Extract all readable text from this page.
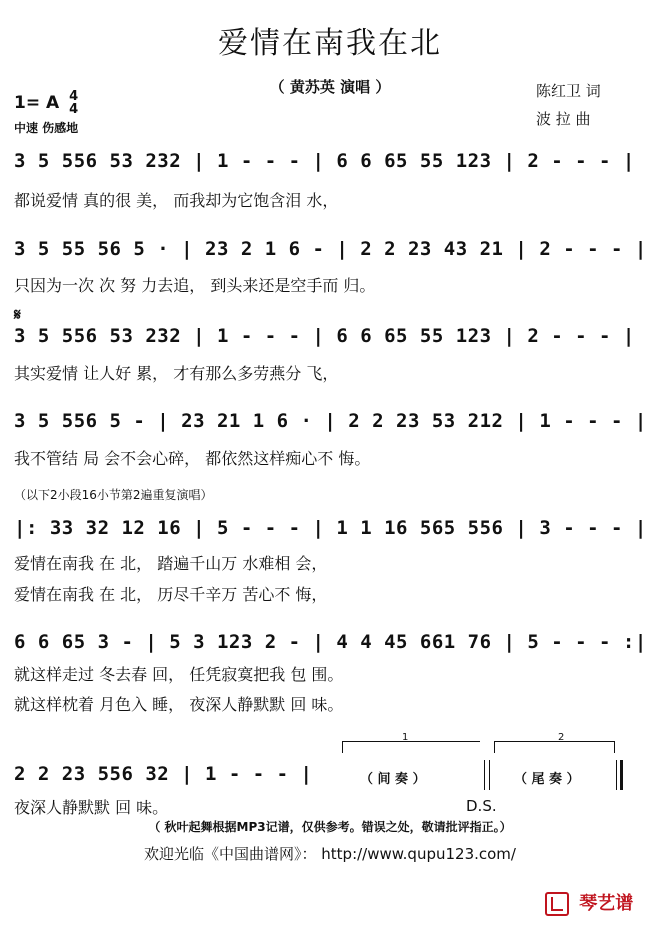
爱情在南我在北
（ 黄苏英 演唱 ）
1= A 4
4
中速 伤感地
陈红卫 词
波 拉 曲
3 5 556 53 232 | 1 - - - | 6 6 65 55 123 | 2 - - - |
都说爱情 真的很 美， 而我却为它饱含泪 水，
3 5 55 56 5 · | 23 2 1 6 - | 2 2 23 43 21 | 2 - - - |
只因为一次 次 努 力去追， 到头来还是空手而 归。
𝄋
3 5 556 53 232 | 1 - - - | 6 6 65 55 123 | 2 - - - |
其实爱情 让人好 累， 才有那么多劳燕分 飞，
3 5 556 5 - | 23 21 1 6 · | 2 2 23 53 212 | 1 - - - |
我不管结 局 会不会心碎， 都依然这样痴心不 悔。
（以下2小段16小节第2遍重复演唱）
|: 33 32 12 16 | 5 - - - | 1 1 16 565 556 | 3 - - - |
爱情在南我 在 北， 踏遍千山万 水难相 会，
爱情在南我 在 北， 历尽千辛万 苦心不 悔，
6 6 65 3 - | 5 3 123 2 - | 4 4 45 661 76 | 5 - - - :|
就这样走过 冬去春 回， 任凭寂寞把我 包 围。
就这样枕着 月色入 睡， 夜深人静默默 回 味。
2 2 23 556 32 | 1 - - - |
夜深人静默默 回 味。
1
（ 间 奏 ）
2
（ 尾 奏 ）
D.S.
（ 秋叶起舞根据MP3记谱，仅供参考。错误之处，敬请批评指正。）
欢迎光临《中国曲谱网》： http://www.qupu123.com/
琴艺谱
